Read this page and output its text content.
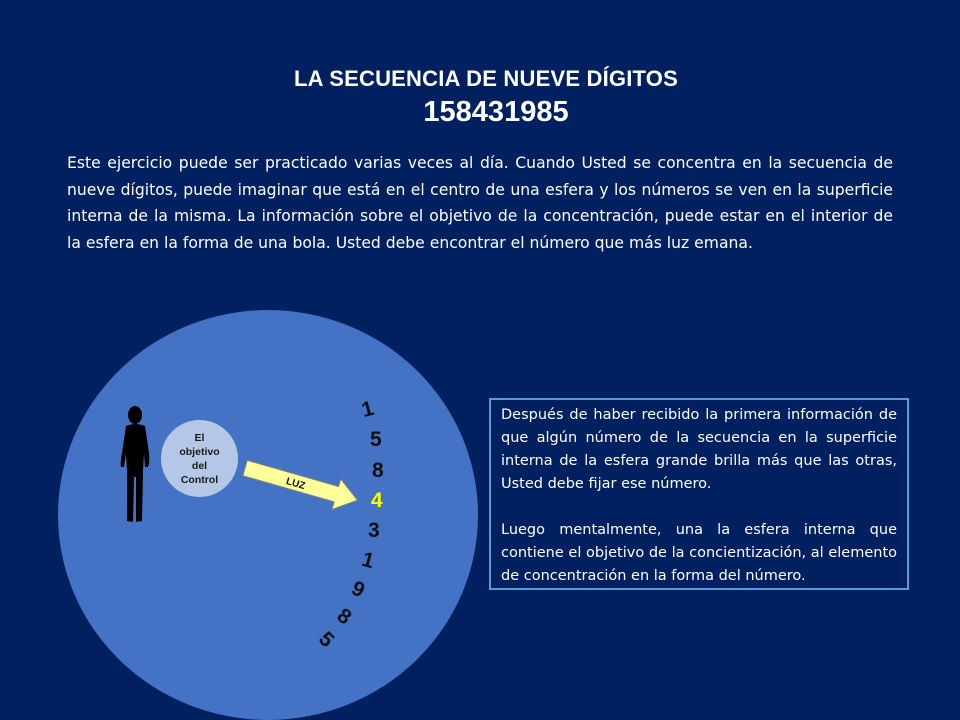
LA SECUENCIA DE NUEVE DÍGITOS
158431985
Este ejercicio puede ser practicado varias veces al día. Cuando Usted se concentra en la secuencia de nueve dígitos, puede imaginar que está en el centro de una esfera y los números se ven en la superficie interna de la misma. La información sobre el objetivo de la concentración, puede estar en el interior de la esfera en la forma de una bola. Usted debe encontrar el número que más luz emana.
El
objetivo
del
Control	LUZ
1
5
8
4
3
1
9
8
5

Después de haber recibido la primera información de que algún número de la secuencia en la superficie interna de la esfera grande brilla más que las otras, Usted debe fijar ese número.

Luego mentalmente, una la esfera interna que contiene el objetivo de la concientización, al elemento de concentración en la forma del número.
